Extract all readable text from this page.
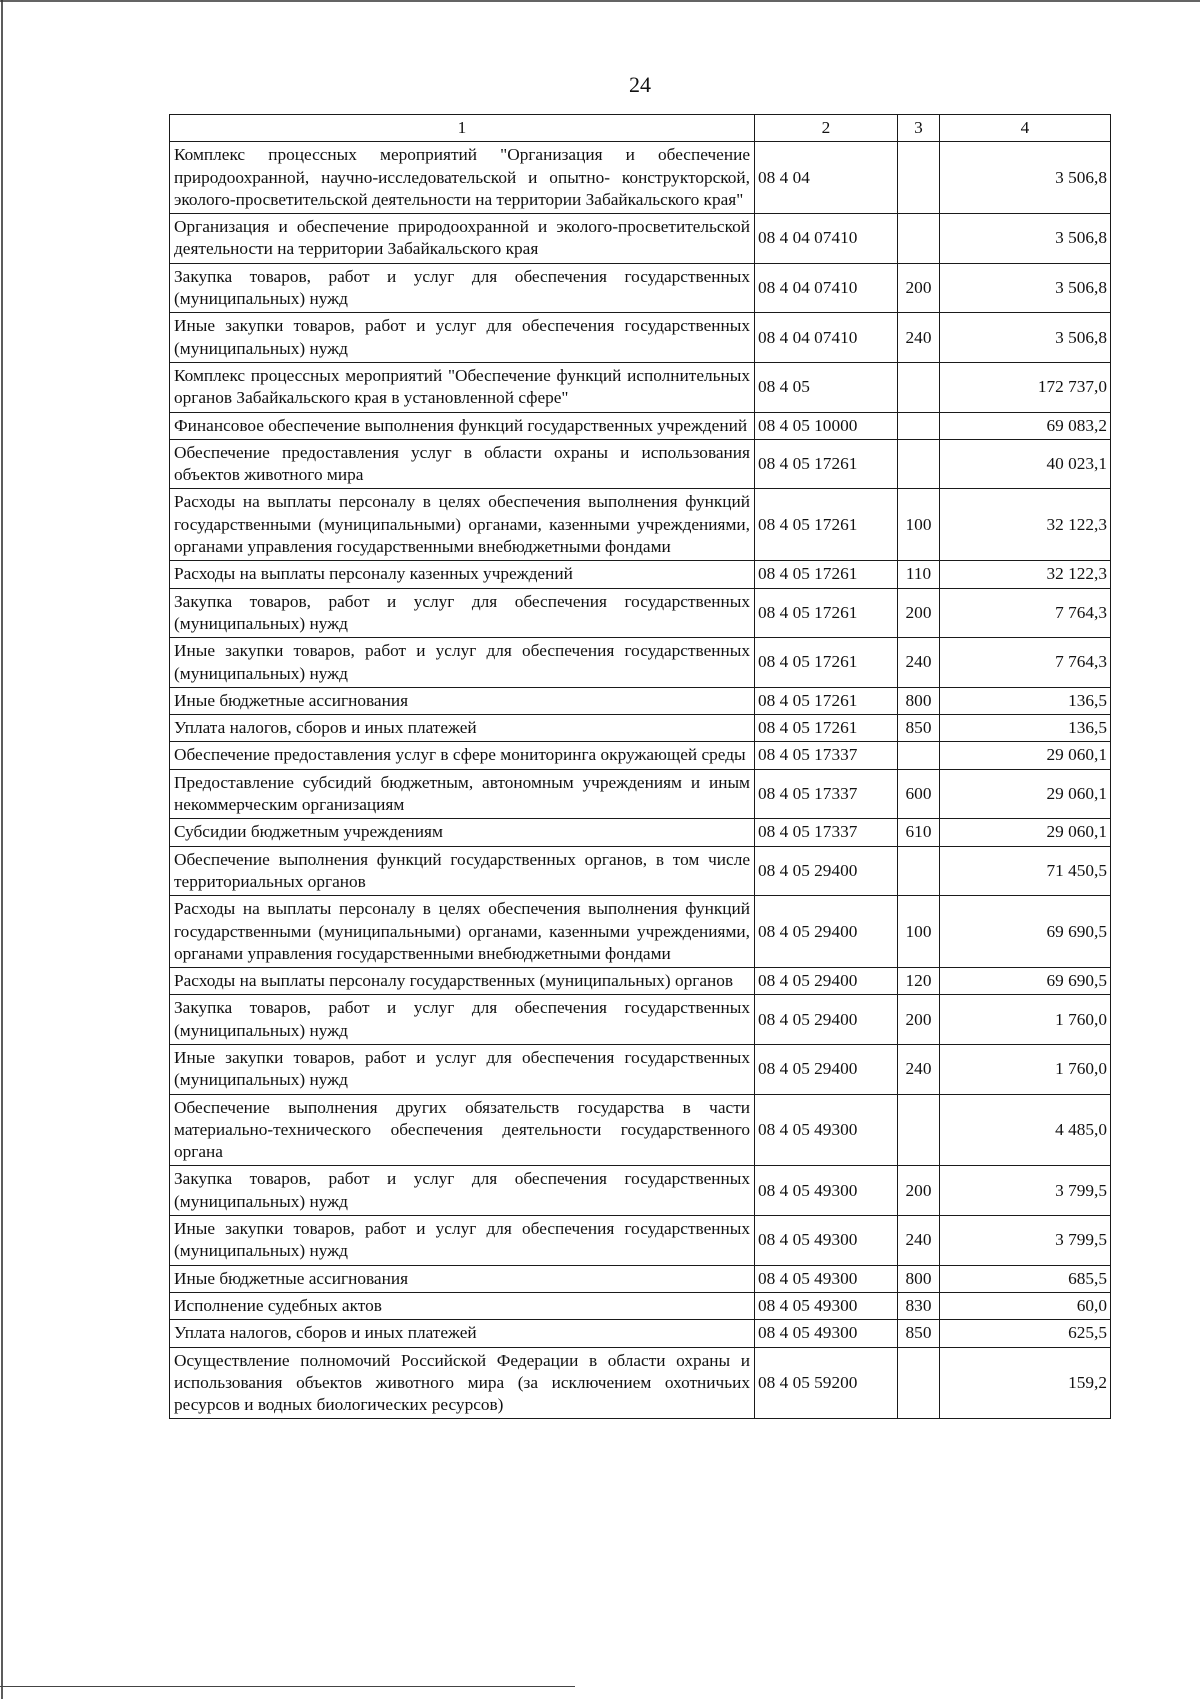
24
1	2	3	4
Комплекс процессных мероприятий "Организация и обеспечение природоохранной, научно-исследовательской и опытно- конструкторской, эколого-просветительской деятельности на территории Забайкальского края"	08 4 04		3 506,8
Организация и обеспечение природоохранной и эколого-просветительской деятельности на территории Забайкальского края	08 4 04 07410		3 506,8
Закупка товаров, работ и услуг для обеспечения государственных (муниципальных) нужд	08 4 04 07410	200	3 506,8
Иные закупки товаров, работ и услуг для обеспечения государственных (муниципальных) нужд	08 4 04 07410	240	3 506,8
Комплекс процессных мероприятий "Обеспечение функций исполнительных органов Забайкальского края в установленной сфере"	08 4 05		172 737,0
Финансовое обеспечение выполнения функций государственных учреждений	08 4 05 10000		69 083,2
Обеспечение предоставления услуг в области охраны и использования объектов животного мира	08 4 05 17261		40 023,1
Расходы на выплаты персоналу в целях обеспечения выполнения функций государственными (муниципальными) органами, казенными учреждениями, органами управления государственными внебюджетными фондами	08 4 05 17261	100	32 122,3
Расходы на выплаты персоналу казенных учреждений	08 4 05 17261	110	32 122,3
Закупка товаров, работ и услуг для обеспечения государственных (муниципальных) нужд	08 4 05 17261	200	7 764,3
Иные закупки товаров, работ и услуг для обеспечения государственных (муниципальных) нужд	08 4 05 17261	240	7 764,3
Иные бюджетные ассигнования	08 4 05 17261	800	136,5
Уплата налогов, сборов и иных платежей	08 4 05 17261	850	136,5
Обеспечение предоставления услуг в сфере мониторинга окружающей среды	08 4 05 17337		29 060,1
Предоставление субсидий бюджетным, автономным учреждениям и иным некоммерческим организациям	08 4 05 17337	600	29 060,1
Субсидии бюджетным учреждениям	08 4 05 17337	610	29 060,1
Обеспечение выполнения функций государственных органов, в том числе территориальных органов	08 4 05 29400		71 450,5
Расходы на выплаты персоналу в целях обеспечения выполнения функций государственными (муниципальными) органами, казенными учреждениями, органами управления государственными внебюджетными фондами	08 4 05 29400	100	69 690,5
Расходы на выплаты персоналу государственных (муниципальных) органов	08 4 05 29400	120	69 690,5
Закупка товаров, работ и услуг для обеспечения государственных (муниципальных) нужд	08 4 05 29400	200	1 760,0
Иные закупки товаров, работ и услуг для обеспечения государственных (муниципальных) нужд	08 4 05 29400	240	1 760,0
Обеспечение выполнения других обязательств государства в части материально-технического обеспечения деятельности государственного органа	08 4 05 49300		4 485,0
Закупка товаров, работ и услуг для обеспечения государственных (муниципальных) нужд	08 4 05 49300	200	3 799,5
Иные закупки товаров, работ и услуг для обеспечения государственных (муниципальных) нужд	08 4 05 49300	240	3 799,5
Иные бюджетные ассигнования	08 4 05 49300	800	685,5
Исполнение судебных актов	08 4 05 49300	830	60,0
Уплата налогов, сборов и иных платежей	08 4 05 49300	850	625,5
Осуществление полномочий Российской Федерации в области охраны и использования объектов животного мира (за исключением охотничьих ресурсов и водных биологических ресурсов)	08 4 05 59200		159,2
